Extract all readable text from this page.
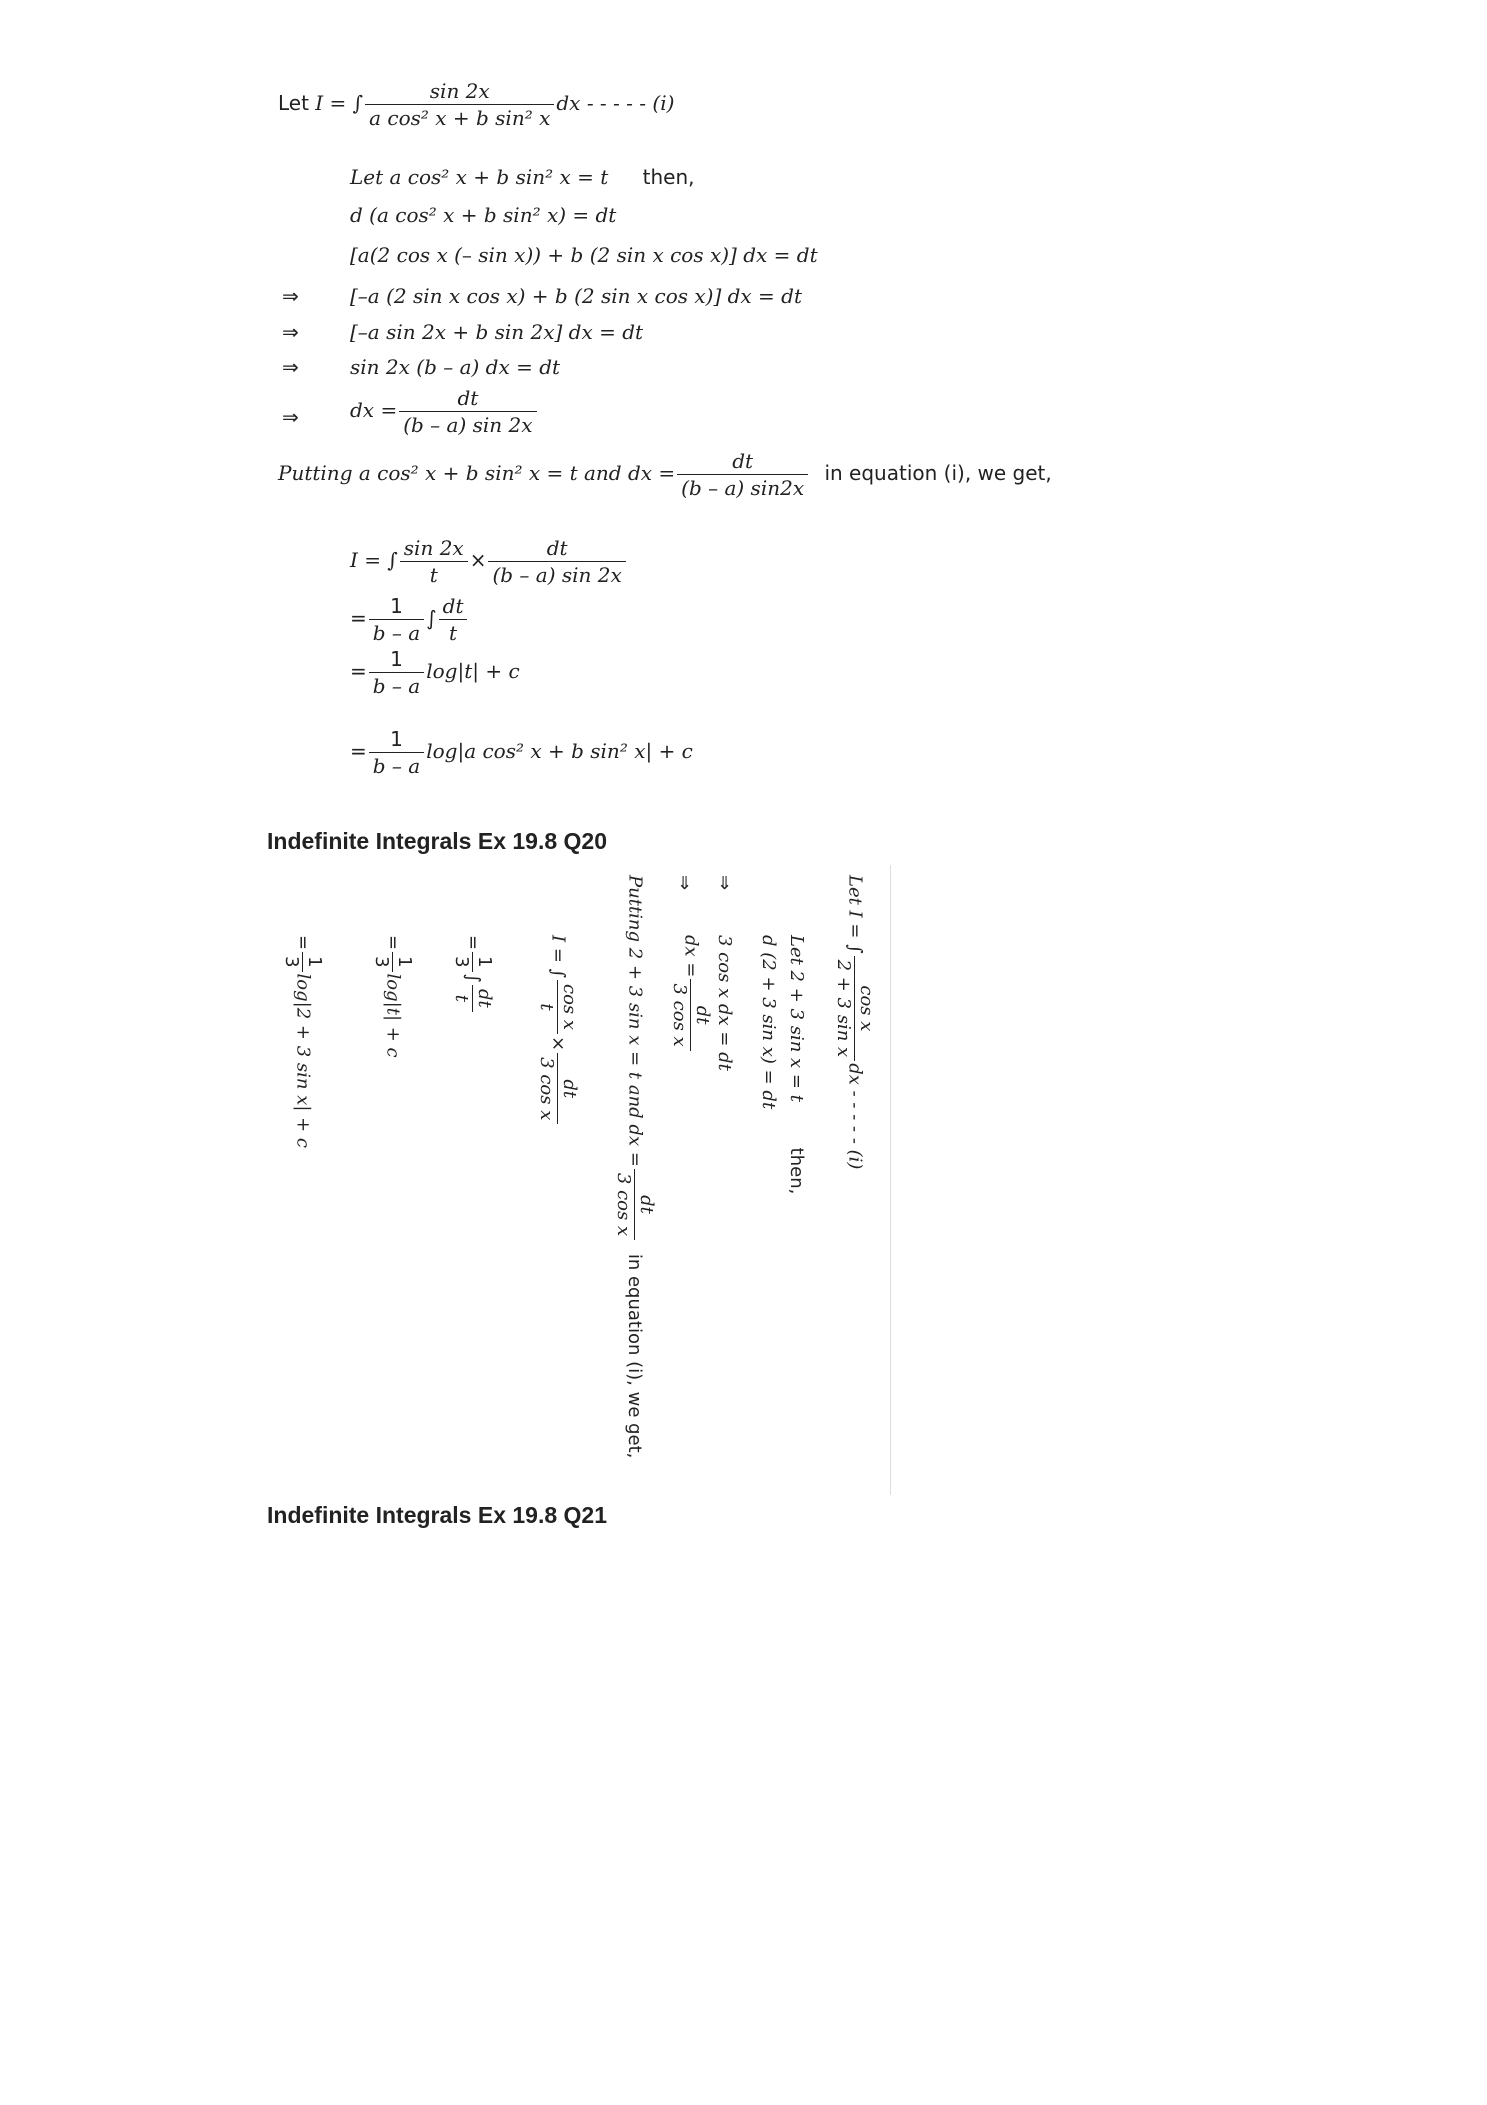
Let I = ∫ $\frac{\sin 2x}{\text{a cos² x + b sin² x}}$ dx - - - - - (i)
Let a cos² x + b sin² x = t then,
d (a cos² x + b sin² x) = dt
[a(2 cos x (– sin x)) + b (2 sin x cos x)] dx = dt
⇒	[–a (2 sin x cos x) + b (2 sin x cos x)] dx = dt
⇒	[–a sin 2x + b sin 2x] dx = dt
⇒	sin 2x (b – a) dx = dt
⇒	dx = $\frac{dt}{(b - a) \sin 2x}$
Putting a cos² x + b sin² x = t and dx = $\frac{dt}{(b - a) \sin 2x}$ in equation (i), we get,
I = ∫ $\frac{\sin 2x}{t} \times \frac{dt}{(b - a) \sin 2x}$
= $\frac{1}{b - a}$ ∫ $\frac{dt}{t}$
= $\frac{1}{b - a} \log|t| + c$
= $\frac{1}{b - a} \log|a$ cos² x + b sin² x| + c
Indefinite Integrals Ex 19.8 Q20
Let I = ∫
cos x
2 + 3 sin x
dx - - - - - (i)
Let 2 + 3 sin x = t then,
d (2 + 3 sin x) = dt
⇒
3 cos x dx = dt
⇒
dx =
dt
3 cos x
Putting 2 + 3 sin x = t and dx =
dt
3 cos x
in equation (i), we get,
I = ∫
cos x
t
×
dt
3 cos x
=
1
3
∫
dt
t
=
1
3
log|t| + c
=
1
3
log|2 + 3 sin x| + c
Indefinite Integrals Ex 19.8 Q21
